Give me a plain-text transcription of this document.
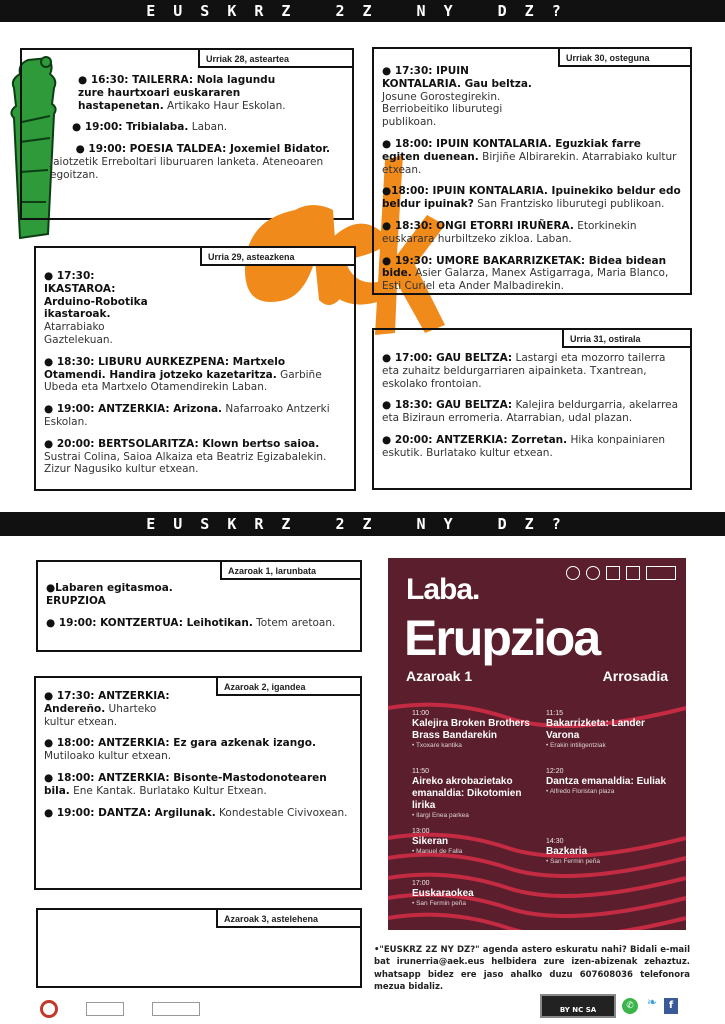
EUSKRZ 2Z NY DZ?
Urriak 28, asteartea
● 16:30: TAILERRA: Nola lagundu zure haurtxoari euskararen hastapenetan. Artikako Haur Eskolan.
● 19:00: Tribialaba. Laban.
● 19:00: POESIA TALDEA: Joxemiel Bidator. Jaiotzetik Erreboltari liburuaren lanketa. Ateneoaren egoitzan.
Urria 29, asteazkena
● 17:30: IKASTAROA: Arduino-Robotika ikastaroak. Atarrabiako Gaztelekuan.
● 18:30: LIBURU AURKEZPENA: Martxelo Otamendi. Handira jotzeko kazetaritza. Garbiñe Ubeda eta Martxelo Otamendirekin Laban.
● 19:00: ANTZERKIA: Arizona. Nafarroako Antzerki Eskolan.
● 20:00: BERTSOLARITZA: Klown bertso saioa. Sustrai Colina, Saioa Alkaiza eta Beatriz Egizabalekin. Zizur Nagusiko kultur etxean.
Urriak 30, osteguna
● 17:30: IPUIN KONTALARIA. Gau beltza. Josune Gorostegirekin. Berriobeitiko liburutegi publikoan.
● 18:00: IPUIN KONTALARIA. Eguzkiak farre egiten duenean. Birjiñe Albirarekin. Atarrabiako kultur etxean.
●18:00: IPUIN KONTALARIA. Ipuinekiko beldur edo beldur ipuinak? San Frantzisko liburutegi publikoan.
● 18:30: ONGI ETORRI IRUÑERA. Etorkinekin euskarara hurbiltzeko zikloa. Laban.
● 19:30: UMORE BAKARRIZKETAK: Bidea bidean bide. Asier Galarza, Manex Astigarraga, Maria Blanco, Esti Curiel eta Ander Malbadirekin.
Urria 31, ostirala
● 17:00: GAU BELTZA: Lastargi eta mozorro tailerra eta zuhaitz beldurgarriaren aipainketa. Txantrean, eskolako frontoian.
● 18:30: GAU BELTZA: Kalejira beldurgarria, akelarrea eta Biziraun erromeria. Atarrabian, udal plazan.
● 20:00: ANTZERKIA: Zorretan. Hika konpainiaren eskutik. Burlatako kultur etxean.
EUSKRZ 2Z NY DZ?
Azaroak 1, larunbata
●Labaren egitasmoa. ERUPZIOA
● 19:00: KONTZERTUA: Leihotikan. Totem aretoan.
Azaroak 2, igandea
● 17:30: ANTZERKIA: Andereño. Uharteko kultur etxean.
● 18:00: ANTZERKIA: Ez gara azkenak izango. Mutiloako kultur etxean.
● 18:00: ANTZERKIA: Bisonte-Mastodonotearen bila. Ene Kantak. Burlatako Kultur Etxean.
● 19:00: DANTZA: Argilunak. Kondestable Civivoxean.
Azaroak 3, astelehena
Laba.
Erupzioa
Azaroak 1	Arrosadia
11:00
Kalejira Broken Brothers Brass Bandarekin
• Txoxare kantika
11:15
Bakarrizketa: Lander Varona
• Erakin intiligentziak
11:50
Aireko akrobazietako emanaldia: Dikotomien lirika
• Ilargi Enea parkea
12:20
Dantza emanaldia: Euliak
• Alfredo Floristan plaza
13:00
Sikeran
• Manuel de Falla
14:30
Bazkaria
• San Fermin peña
17:00
Euskaraokea
• San Fermin peña
•"EUSKRZ 2Z NY DZ?" agenda astero eskuratu nahi? Bidali e-mail bat irunerria@aek.eus helbidera zure izen-abizenak zehaztuz. whatsapp bidez ere jaso ahalko duzu 607608036 telefonora mezua bidaliz.
BY NC SA	✆	❧	f
